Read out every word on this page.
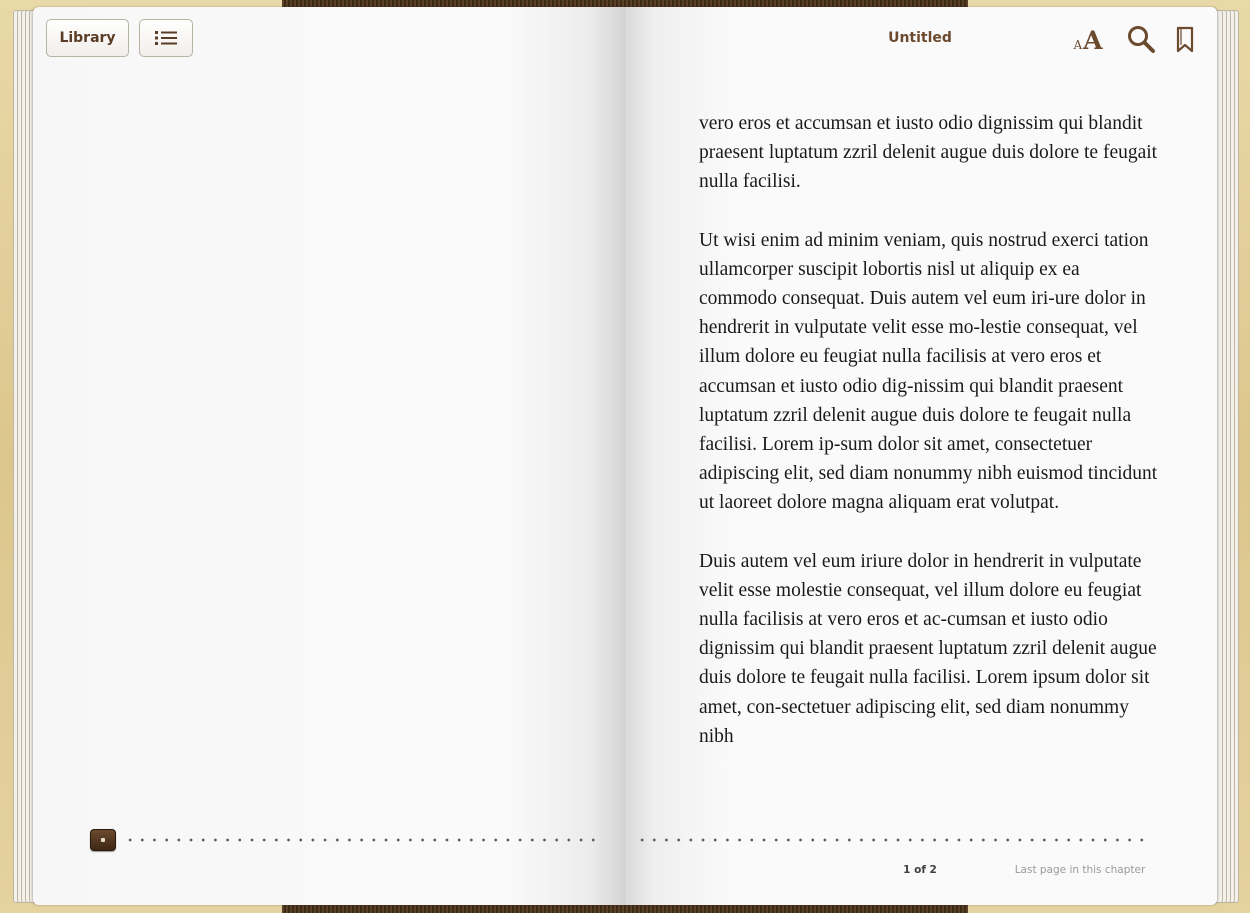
Library	Untitled	A A

vero eros et accumsan et iusto odio dignissim qui blandit praesent luptatum zzril delenit augue duis dolore te feugait nulla facilisi.

Ut wisi enim ad minim veniam, quis nostrud exerci tation ullamcorper suscipit lobortis nisl ut aliquip ex ea commodo consequat. Duis autem vel eum iri-ure dolor in hendrerit in vulputate velit esse mo-lestie consequat, vel illum dolore eu feugiat nulla facilisis at vero eros et accumsan et iusto odio dig-nissim qui blandit praesent luptatum zzril delenit augue duis dolore te feugait nulla facilisi. Lorem ip-sum dolor sit amet, consectetuer adipiscing elit, sed diam nonummy nibh euismod tincidunt ut laoreet dolore magna aliquam erat volutpat.

Duis autem vel eum iriure dolor in hendrerit in vulputate velit esse molestie consequat, vel illum dolore eu feugiat nulla facilisis at vero eros et ac-cumsan et iusto odio dignissim qui blandit praesent luptatum zzril delenit augue duis dolore te feugait nulla facilisi. Lorem ipsum dolor sit amet, con-sectetuer adipiscing elit, sed diam nonummy nibh

1 of 2	Last page in this chapter
